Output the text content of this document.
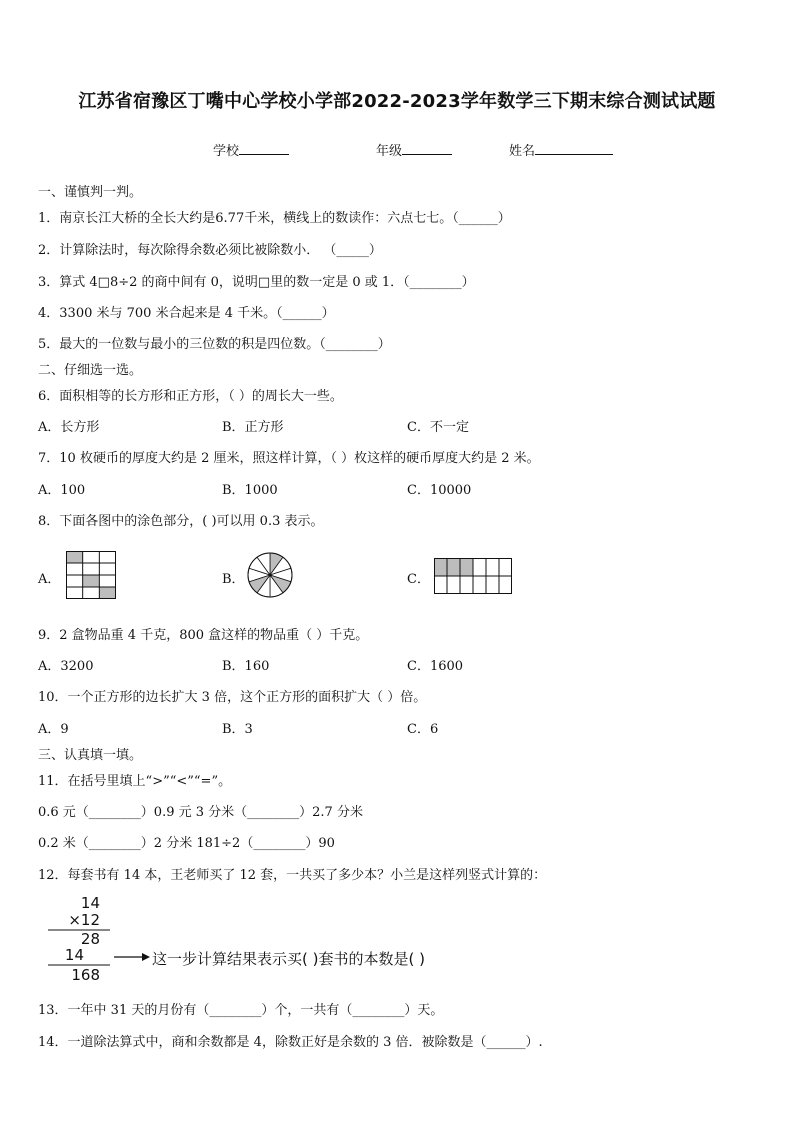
江苏省宿豫区丁嘴中心学校小学部2022-2023学年数学三下期末综合测试试题
学校	年级	姓名
一、谨慎判一判。
1．南京长江大桥的全长大约是6.77千米，横线上的数读作：六点七七。（______）
2．计算除法时，每次除得余数必须比被除数小． （_____）
3．算式 4□8÷2 的商中间有 0，说明□里的数一定是 0 或 1．（________）
4．3300 米与 700 米合起来是 4 千米。（______）
5．最大的一位数与最小的三位数的积是四位数。（________）
二、仔细选一选。
6．面积相等的长方形和正方形，（ ）的周长大一些。
A．长方形	B．正方形	C．不一定
7．10 枚硬币的厚度大约是 2 厘米，照这样计算，（ ）枚这样的硬币厚度大约是 2 米。
A．100	B．1000	C．10000
8．下面各图中的涂色部分，( )可以用 0.3 表示。
A．	B．	C．
9．2 盒物品重 4 千克，800 盒这样的物品重（ ）千克。
A．3200	B．160	C．1600
10．一个正方形的边长扩大 3 倍，这个正方形的面积扩大（ ）倍。
A．9	B．3	C．6
三、认真填一填。
11．在括号里填上“>”“<”“=”。
0.6 元（________）0.9 元 3 分米（________）2.7 分米
0.2 米（________）2 分米 181÷2（________）90
12．每套书有 14 本，王老师买了 12 套，一共买了多少本？小兰是这样列竖式计算的：
14
×12
28
14
168
这一步计算结果表示买( )套书的本数是( )
13．一年中 31 天的月份有（________）个，一共有（________）天。
14．一道除法算式中，商和余数都是 4，除数正好是余数的 3 倍．被除数是（______）.
